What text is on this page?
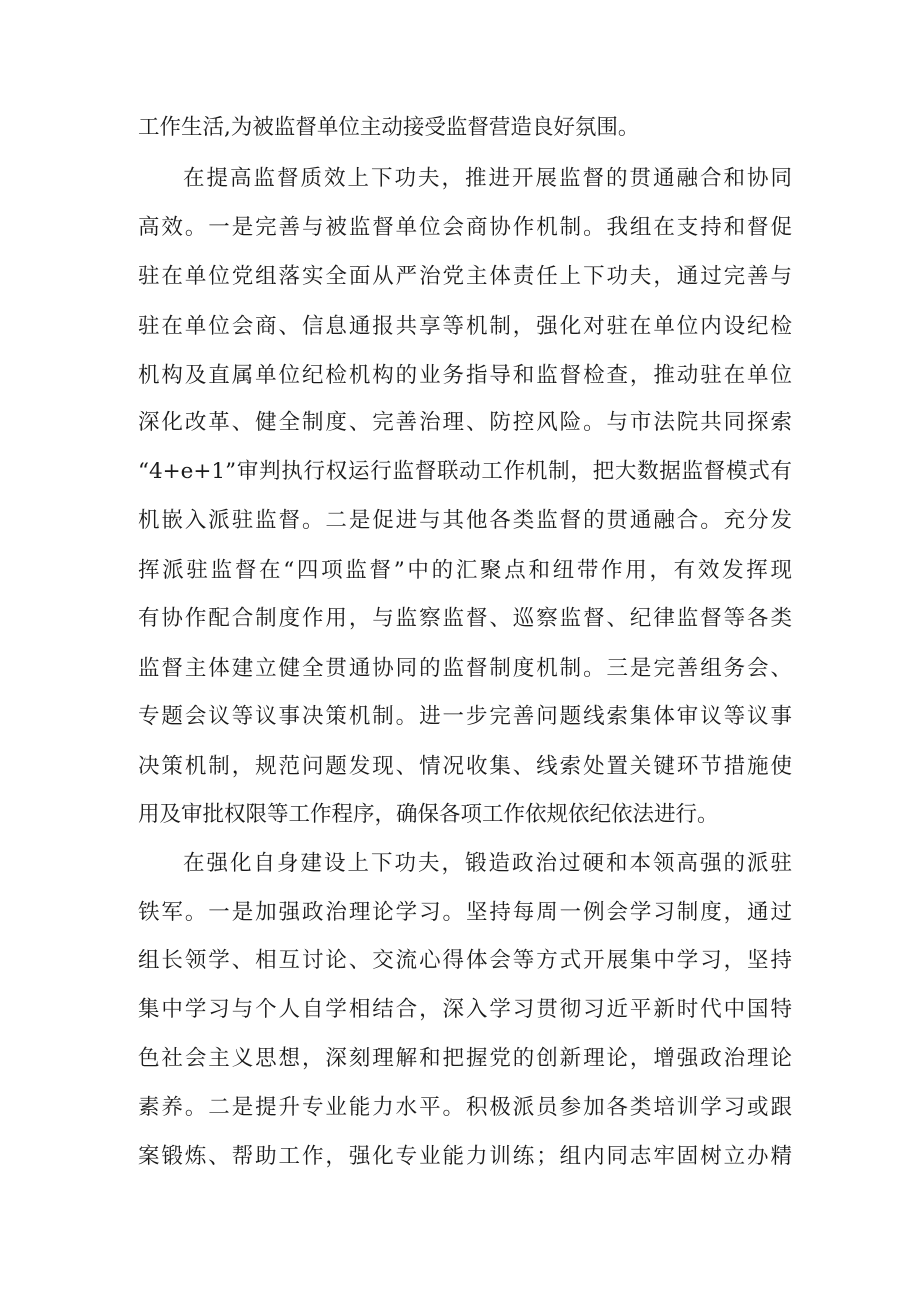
工作生活,为被监督单位主动接受监督营造良好氛围。
在提高监督质效上下功夫，推进开展监督的贯通融合和协同
高效。一是完善与被监督单位会商协作机制。我组在支持和督促
驻在单位党组落实全面从严治党主体责任上下功夫，通过完善与
驻在单位会商、信息通报共享等机制，强化对驻在单位内设纪检
机构及直属单位纪检机构的业务指导和监督检查，推动驻在单位
深化改革、健全制度、完善治理、防控风险。与市法院共同探索
“4+e+1”审判执行权运行监督联动工作机制，把大数据监督模式有
机嵌入派驻监督。二是促进与其他各类监督的贯通融合。充分发
挥派驻监督在“四项监督”中的汇聚点和纽带作用，有效发挥现
有协作配合制度作用，与监察监督、巡察监督、纪律监督等各类
监督主体建立健全贯通协同的监督制度机制。三是完善组务会、
专题会议等议事决策机制。进一步完善问题线索集体审议等议事
决策机制，规范问题发现、情况收集、线索处置关键环节措施使
用及审批权限等工作程序，确保各项工作依规依纪依法进行。
在强化自身建设上下功夫，锻造政治过硬和本领高强的派驻
铁军。一是加强政治理论学习。坚持每周一例会学习制度，通过
组长领学、相互讨论、交流心得体会等方式开展集中学习，坚持
集中学习与个人自学相结合，深入学习贯彻习近平新时代中国特
色社会主义思想，深刻理解和把握党的创新理论，增强政治理论
素养。二是提升专业能力水平。积极派员参加各类培训学习或跟
案锻炼、帮助工作，强化专业能力训练；组内同志牢固树立办精
